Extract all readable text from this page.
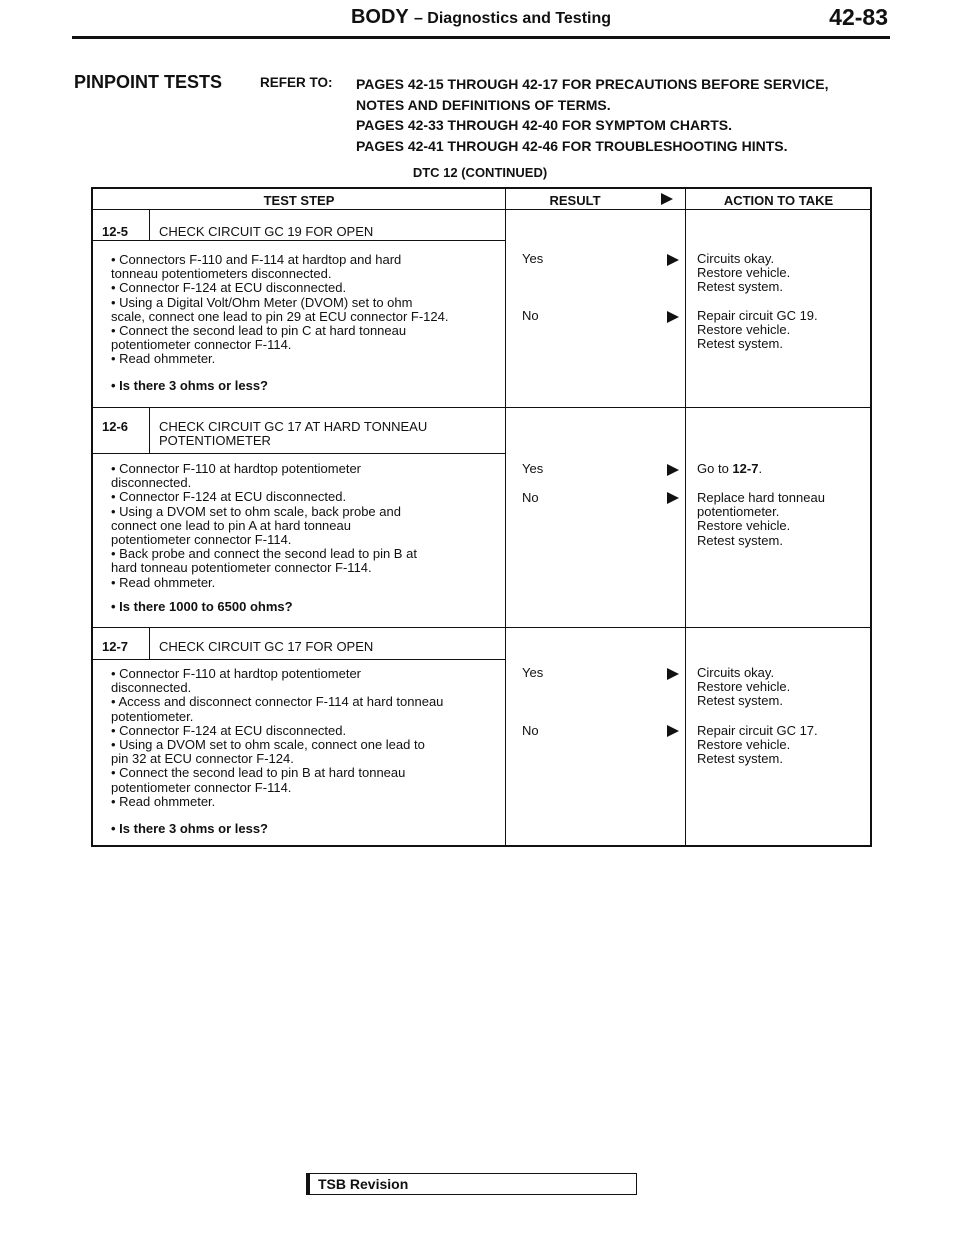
BODY – Diagnostics and Testing	42-83
PINPOINT TESTS	REFER TO: PAGES 42-15 THROUGH 42-17 FOR PRECAUTIONS BEFORE SERVICE,
NOTES AND DEFINITIONS OF TERMS.
PAGES 42-33 THROUGH 42-40 FOR SYMPTOM CHARTS.
PAGES 42-41 THROUGH 42-46 FOR TROUBLESHOOTING HINTS.
DTC 12 (CONTINUED)
TEST STEP	RESULT	ACTION TO TAKE
12-5 CHECK CIRCUIT GC 19 FOR OPEN
• Connectors F-110 and F-114 at hardtop and hard
tonneau potentiometers disconnected.
• Connector F-124 at ECU disconnected.
• Using a Digital Volt/Ohm Meter (DVOM) set to ohm
scale, connect one lead to pin 29 at ECU connector F-124.
• Connect the second lead to pin C at hard tonneau
potentiometer connector F-114.
• Read ohmmeter.
• Is there 3 ohms or less?
Yes	Circuits okay.
Restore vehicle.
Retest system.
No	Repair circuit GC 19.
Restore vehicle.
Retest system.
12-6 CHECK CIRCUIT GC 17 AT HARD TONNEAU
POTENTIOMETER
• Connector F-110 at hardtop potentiometer
disconnected.
• Connector F-124 at ECU disconnected.
• Using a DVOM set to ohm scale, back probe and
connect one lead to pin A at hard tonneau
potentiometer connector F-114.
• Back probe and connect the second lead to pin B at
hard tonneau potentiometer connector F-114.
• Read ohmmeter.
• Is there 1000 to 6500 ohms?
Yes	Go to 12-7.
No	Replace hard tonneau
potentiometer.
Restore vehicle.
Retest system.
12-7 CHECK CIRCUIT GC 17 FOR OPEN
• Connector F-110 at hardtop potentiometer
disconnected.
• Access and disconnect connector F-114 at hard tonneau
potentiometer.
• Connector F-124 at ECU disconnected.
• Using a DVOM set to ohm scale, connect one lead to
pin 32 at ECU connector F-124.
• Connect the second lead to pin B at hard tonneau
potentiometer connector F-114.
• Read ohmmeter.
• Is there 3 ohms or less?
Yes	Circuits okay.
Restore vehicle.
Retest system.
No	Repair circuit GC 17.
Restore vehicle.
Retest system.
TSB Revision
